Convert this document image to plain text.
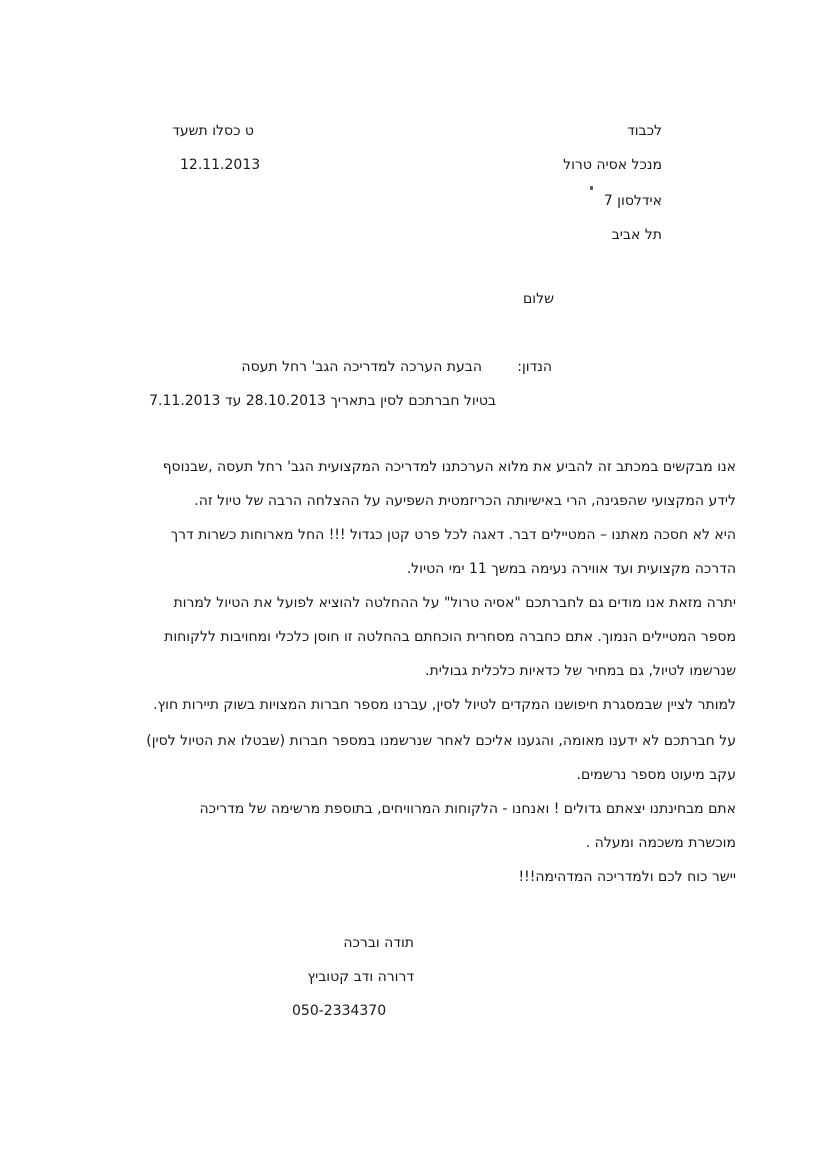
לכבוד
מנכל אסיה טרול
אידלסון 7
תל אביב
ט כסלו תשעד
12.11.2013
שלום
הנדון:
הבעת הערכה למדריכה הגב' רחל תעסה
בטיול חברתכם לסין בתאריך 28.10.2013 עד 7.11.2013
אנו מבקשים במכתב זה להביע את מלוא הערכתנו למדריכה המקצועית הגב' רחל תעסה ,שבנוסף
לידע המקצועי שהפגינה, הרי באישיותה הכריזמטית השפיעה על ההצלחה הרבה של טיול זה.
היא לא חסכה מאתנו – המטיילים דבר. דאגה לכל פרט קטן כגדול !!! החל מארוחות כשרות דרך
הדרכה מקצועית ועד אווירה נעימה במשך 11 ימי הטיול.
יתרה מזאת אנו מודים גם לחברתכם "אסיה טרול" על ההחלטה להוציא לפועל את הטיול למרות
מספר המטיילים הנמוך. אתם כחברה מסחרית הוכחתם בהחלטה זו חוסן כלכלי ומחויבות ללקוחות
שנרשמו לטיול, גם במחיר של כדאיות כלכלית גבולית.
למותר לציין שבמסגרת חיפושנו המקדים לטיול לסין, עברנו מספר חברות המצויות בשוק תיירות חוץ.
על חברתכם לא ידענו מאומה, והגענו אליכם לאחר שנרשמנו במספר חברות (שבטלו את הטיול לסין)
עקב מיעוט מספר נרשמים.
אתם מבחינתנו יצאתם גדולים ! ואנחנו - הלקוחות המרוויחים, בתוספת מרשימה של מדריכה
מוכשרת משכמה ומעלה .
יישר כוח לכם ולמדריכה המדהימה!!!
תודה וברכה
דרורה ודב קטוביץ
050-2334370
